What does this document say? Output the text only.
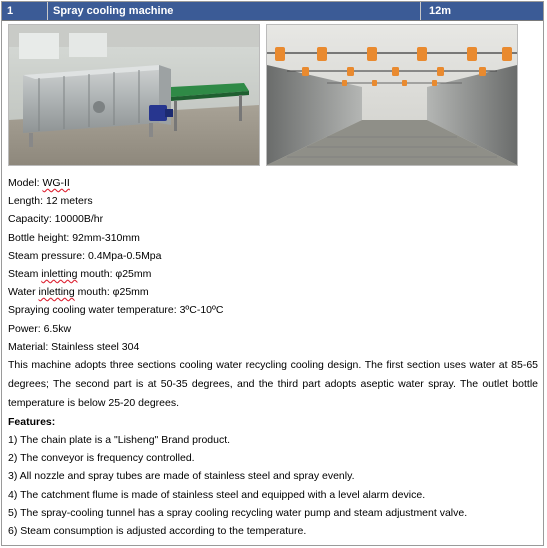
1	Spray cooling machine	12m
Model: WG-II
Length: 12 meters
Capacity: 10000B/hr
Bottle height: 92mm-310mm
Steam pressure: 0.4Mpa-0.5Mpa
Steam inletting mouth: φ25mm
Water inletting mouth: φ25mm
Spraying cooling water temperature: 3ºC-10ºC
Power: 6.5kw
Material: Stainless steel 304

This machine adopts three sections cooling water recycling cooling design. The first section uses water at 85-65 degrees; The second part is at 50-35 degrees, and the third part adopts aseptic water spray. The outlet bottle temperature is below 25-20 degrees.

Features:
1) The chain plate is a "Lisheng" Brand product.
2) The conveyor is frequency controlled.
3) All nozzle and spray tubes are made of stainless steel and spray evenly.
4) The catchment flume is made of stainless steel and equipped with a level alarm device.
5) The spray-cooling tunnel has a spray cooling recycling water pump and steam adjustment valve.
6) Steam consumption is adjusted according to the temperature.
